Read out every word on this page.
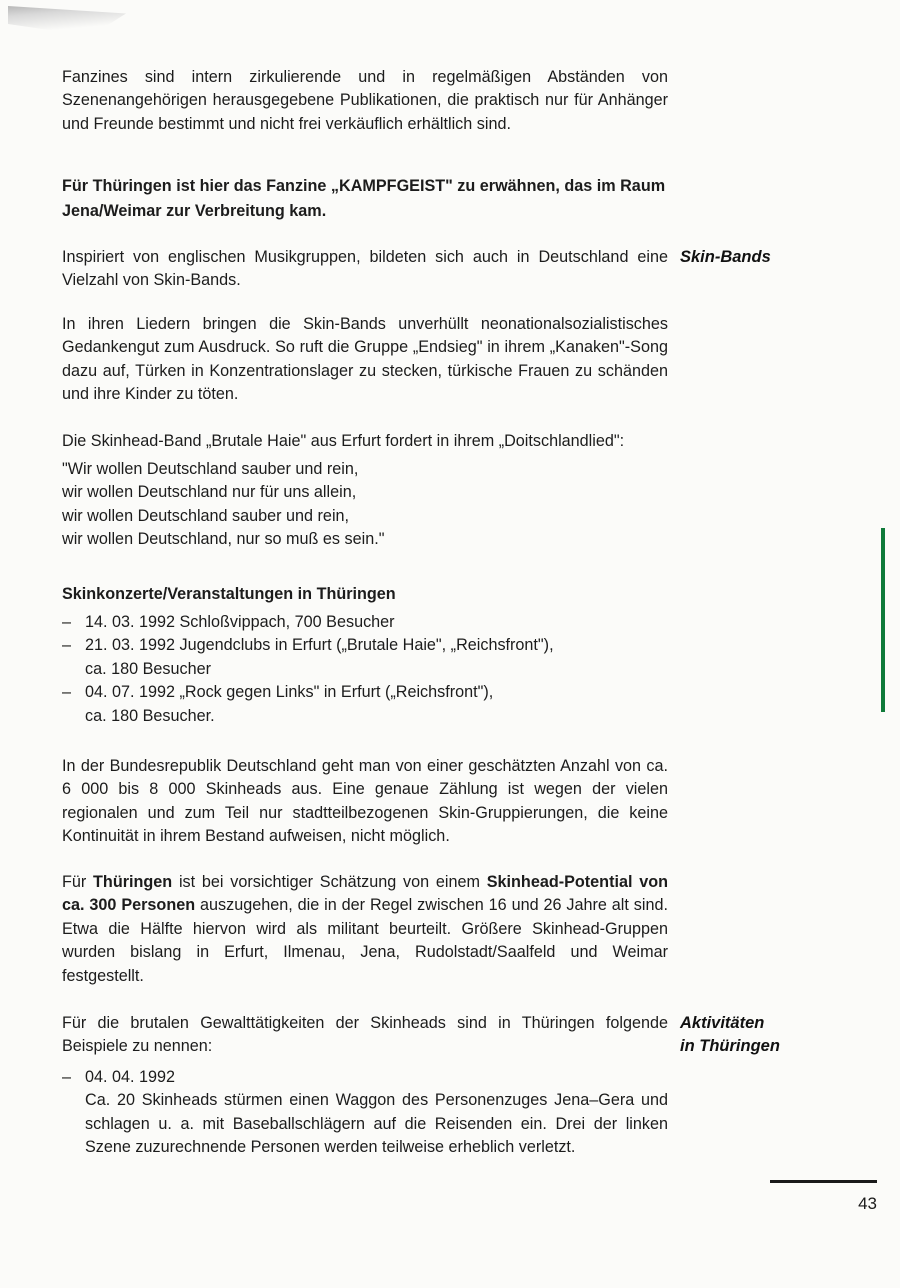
Fanzines sind intern zirkulierende und in regelmäßigen Abständen von Szenenangehörigen herausgegebene Publikationen, die praktisch nur für Anhänger und Freunde bestimmt und nicht frei verkäuflich erhältlich sind.

Für Thüringen ist hier das Fanzine „KAMPFGEIST" zu erwähnen, das im Raum Jena/Weimar zur Verbreitung kam.

Inspiriert von englischen Musikgruppen, bildeten sich auch in Deutschland eine Vielzahl von Skin-Bands.

Skin-Bands

In ihren Liedern bringen die Skin-Bands unverhüllt neonationalsozialistisches Gedankengut zum Ausdruck. So ruft die Gruppe „Endsieg" in ihrem „Kanaken"-Song dazu auf, Türken in Konzentrationslager zu stecken, türkische Frauen zu schänden und ihre Kinder zu töten.

Die Skinhead-Band „Brutale Haie" aus Erfurt fordert in ihrem „Doitschlandlied":

"Wir wollen Deutschland sauber und rein,
wir wollen Deutschland nur für uns allein,
wir wollen Deutschland sauber und rein,
wir wollen Deutschland, nur so muß es sein."

Skinkonzerte/Veranstaltungen in Thüringen

– 14. 03. 1992 Schloßvippach, 700 Besucher
– 21. 03. 1992 Jugendclubs in Erfurt („Brutale Haie", „Reichsfront"),
ca. 180 Besucher
– 04. 07. 1992 „Rock gegen Links" in Erfurt („Reichsfront"),
ca. 180 Besucher.

In der Bundesrepublik Deutschland geht man von einer geschätzten Anzahl von ca. 6 000 bis 8 000 Skinheads aus. Eine genaue Zählung ist wegen der vielen regionalen und zum Teil nur stadtteilbezogenen Skin-Gruppierungen, die keine Kontinuität in ihrem Bestand aufweisen, nicht möglich.

Für Thüringen ist bei vorsichtiger Schätzung von einem Skinhead-Potential von ca. 300 Personen auszugehen, die in der Regel zwischen 16 und 26 Jahre alt sind. Etwa die Hälfte hiervon wird als militant beurteilt. Größere Skinhead-Gruppen wurden bislang in Erfurt, Ilmenau, Jena, Rudolstadt/Saalfeld und Weimar festgestellt.

Für die brutalen Gewalttätigkeiten der Skinheads sind in Thüringen folgende Beispiele zu nennen:

Aktivitäten
in Thüringen
– 04. 04. 1992
Ca. 20 Skinheads stürmen einen Waggon des Personenzuges Jena–Gera und schlagen u. a. mit Baseballschlägern auf die Reisenden ein. Drei der linken Szene zuzurechnende Personen werden teilweise erheblich verletzt.
43
